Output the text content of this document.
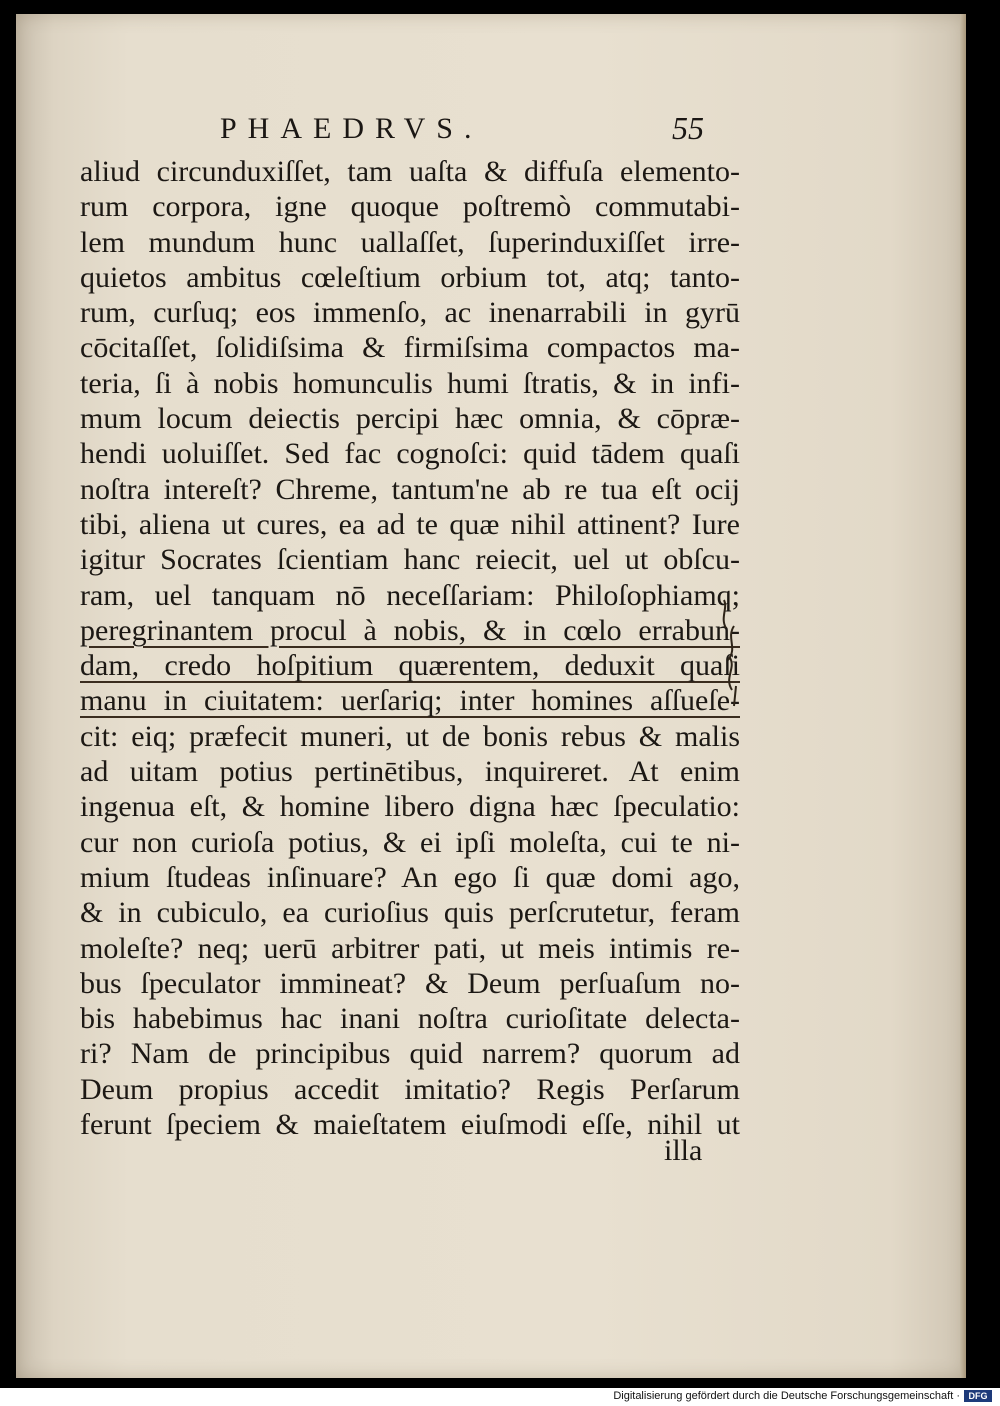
PHAEDRVS.	55
aliud circunduxiſſet, tam uaſta & diffuſa elemento-
rum corpora, igne quoque poſtremò commutabi-
lem mundum hunc uallaſſet, ſuperinduxiſſet irre-
quietos ambitus cœleſtium orbium tot, atq; tanto-
rum, curſuq; eos immenſo, ac inenarrabili in gyrū
cōcitaſſet, ſolidiſsima & firmiſsima compactos ma-
teria, ſi à nobis homunculis humi ſtratis, & in infi-
mum locum deiectis percipi hæc omnia, & cōpræ-
hendi uoluiſſet. Sed fac cognoſci: quid tādem quaſi
noſtra intereſt? Chreme, tantum'ne ab re tua eſt ocij
tibi, aliena ut cures, ea ad te quæ nihil attinent? Iure
igitur Socrates ſcientiam hanc reiecit, uel ut obſcu-
ram, uel tanquam nō neceſſariam: Philoſophiamq;
peregrinantem procul à nobis, & in cœlo errabun-
dam, credo hoſpitium quærentem, deduxit quaſi
manu in ciuitatem: uerſariq; inter homines aſſueſe-
cit: eiq; præfecit muneri, ut de bonis rebus & malis
ad uitam potius pertinētibus, inquireret. At enim
ingenua eſt, & homine libero digna hæc ſpeculatio:
cur non curioſa potius, & ei ipſi moleſta, cui te ni-
mium ſtudeas inſinuare? An ego ſi quæ domi ago,
& in cubiculo, ea curioſius quis perſcrutetur, feram
moleſte? neq; uerū arbitrer pati, ut meis intimis re-
bus ſpeculator immineat? & Deum perſuaſum no-
bis habebimus hac inani noſtra curioſitate delecta-
ri? Nam de principibus quid narrem? quorum ad
Deum propius accedit imitatio? Regis Perſarum
ferunt ſpeciem & maieſtatem eiuſmodi eſſe, nihil ut
illa
Digitalisierung gefördert durch die Deutsche Forschungsgemeinschaft · DFG
